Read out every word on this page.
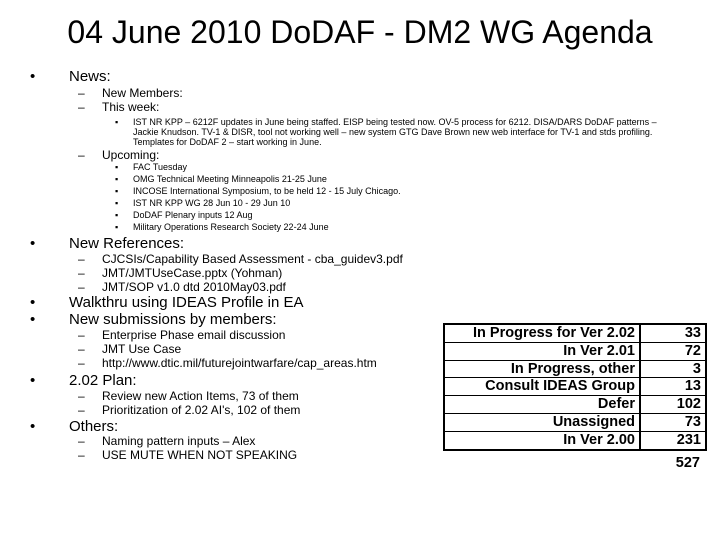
04 June 2010 DoDAF - DM2 WG Agenda
•	News:
– New Members:
– This week:
▪ IST NR KPP – 6212F updates in June being staffed. EISP being tested now. OV-5 process for 6212. DISA/DARS DoDAF patterns – Jackie Knudson. TV-1 & DISR, tool not working well – new system GTG Dave Brown new web interface for TV-1 and stds profiling. Templates for DoDAF 2 – start working in June.
– Upcoming:
▪ FAC Tuesday
▪ OMG Technical Meeting Minneapolis 21-25 June
▪ INCOSE International Symposium, to be held 12 - 15 July Chicago.
▪ IST NR KPP WG 28 Jun 10 - 29 Jun 10
▪ DoDAF Plenary inputs 12 Aug
▪ Military Operations Research Society 22-24 June
•	New References:
– CJCSIs/Capability Based Assessment - cba_guidev3.pdf
– JMT/JMTUseCase.pptx (Yohman)
– JMT/SOP v1.0 dtd 2010May03.pdf
•	Walkthru using IDEAS Profile in EA
•	New submissions by members:
– Enterprise Phase email discussion
– JMT Use Case
– http://www.dtic.mil/futurejointwarfare/cap_areas.htm
•	2.02 Plan:
– Review new Action Items, 73 of them
– Prioritization of 2.02 AI's, 102 of them
•	Others:
– Naming pattern inputs – Alex
– USE MUTE WHEN NOT SPEAKING
In Progress for Ver 2.02	33
In Ver 2.01	72
In Progress, other	3
Consult IDEAS Group	13
Defer	102
Unassigned	73
In Ver 2.00	231
527
